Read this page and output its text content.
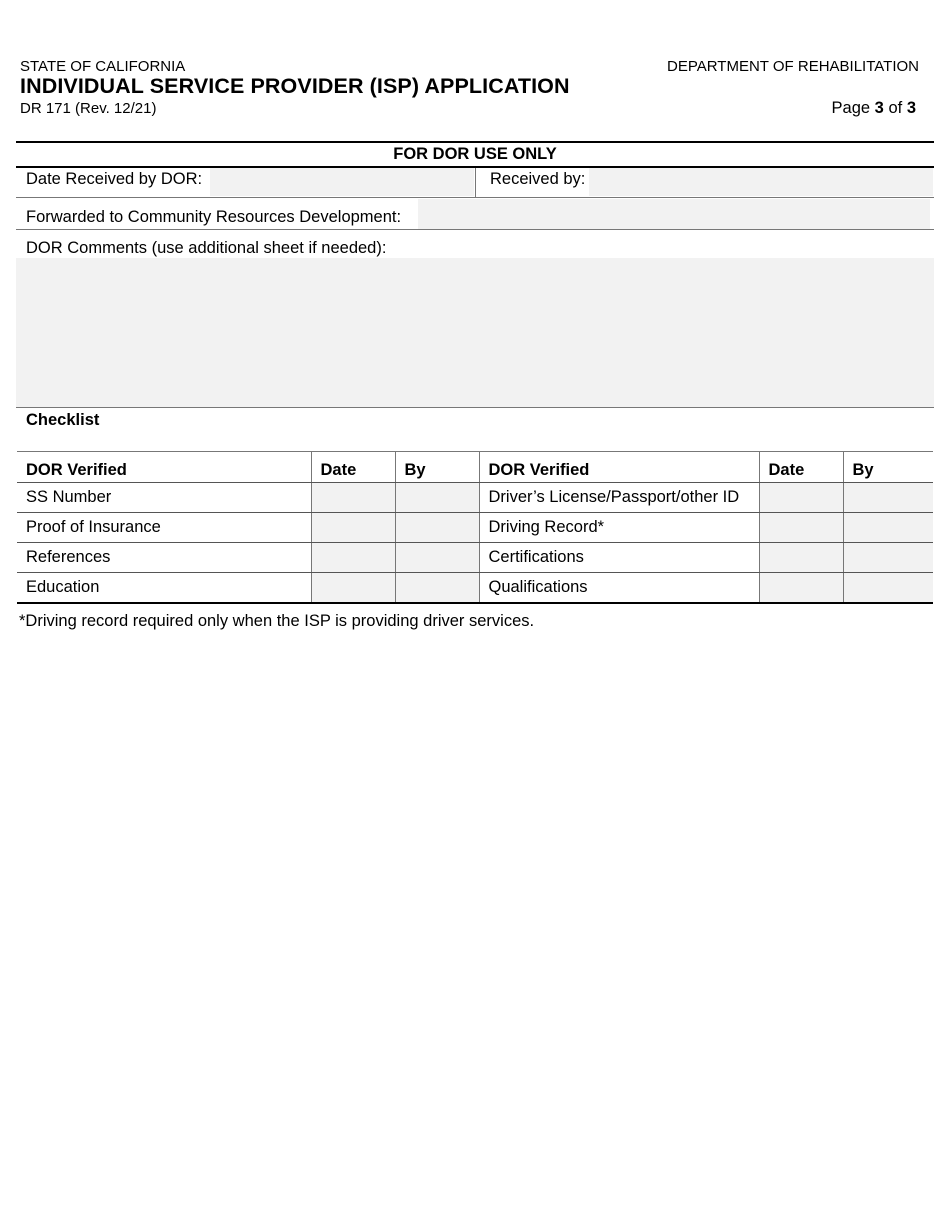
STATE OF CALIFORNIA	DEPARTMENT OF REHABILITATION
INDIVIDUAL SERVICE PROVIDER (ISP) APPLICATION
DR 171 (Rev. 12/21)	Page 3 of 3
FOR DOR USE ONLY
Date Received by DOR:	Received by:
Forwarded to Community Resources Development:
DOR Comments (use additional sheet if needed):
Checklist
DOR Verified	Date	By	DOR Verified	Date	By
SS Number			Driver’s License/Passport/other ID		
Proof of Insurance			Driving Record*		
References			Certifications		
Education			Qualifications		
*Driving record required only when the ISP is providing driver services.
